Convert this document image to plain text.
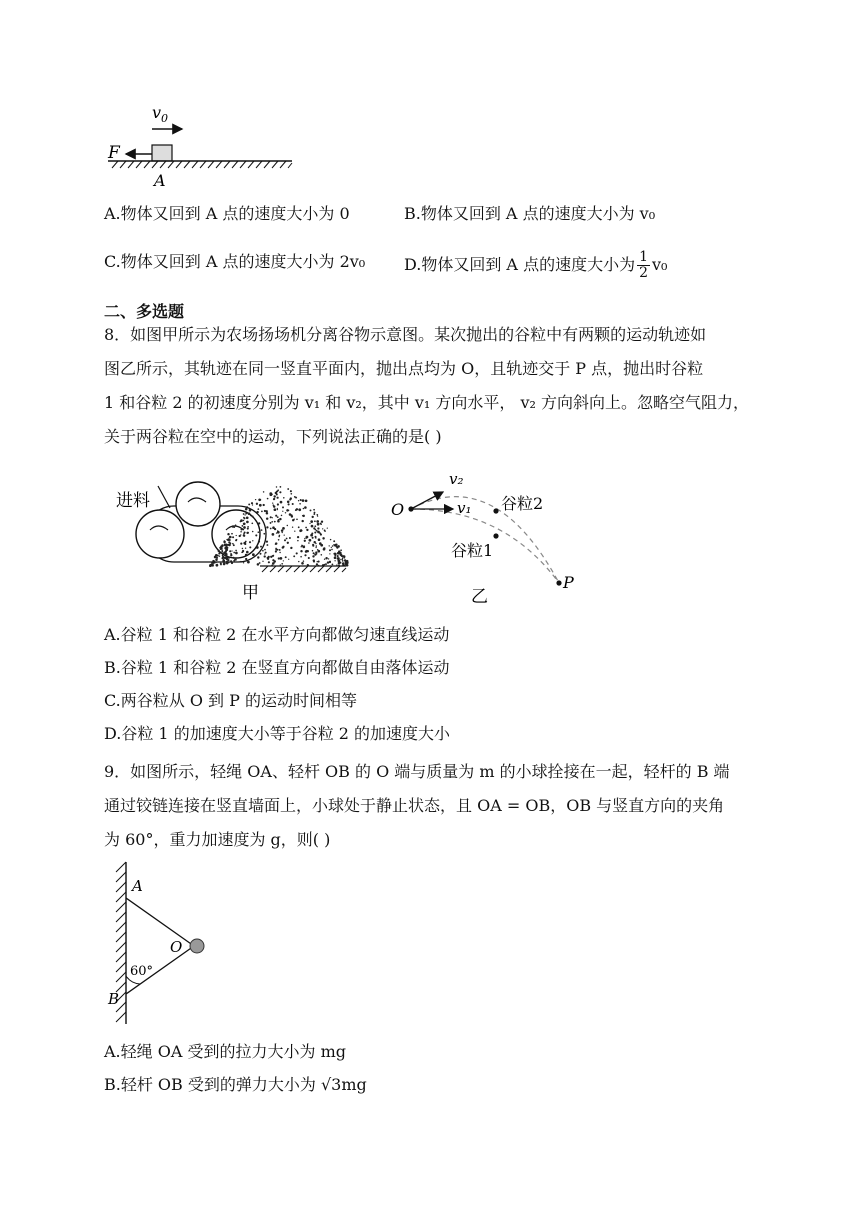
$v_0$
F
A
A.物体又回到 A 点的速度大小为 0	B.物体又回到 A 点的速度大小为 v₀
C.物体又回到 A 点的速度大小为 2v₀ D.物体又回到 A 点的速度大小为 $\frac{1}{2} v_0$
二、多选题
8．如图甲所示为农场扬场机分离谷物示意图。某次抛出的谷粒中有两颗的运动轨迹如
图乙所示，其轨迹在同一竖直平面内，抛出点均为 O，且轨迹交于 P 点，抛出时谷粒
1 和谷粒 2 的初速度分别为 v₁ 和 v₂，其中 v₁ 方向水平， v₂ 方向斜向上。忽略空气阻力，
关于两谷粒在空中的运动，下列说法正确的是( )
进料
甲
O
v₂
v₁ 谷粒2
谷粒1
P
乙
A.谷粒 1 和谷粒 2 在水平方向都做匀速直线运动
B.谷粒 1 和谷粒 2 在竖直方向都做自由落体运动
C.两谷粒从 O 到 P 的运动时间相等
D.谷粒 1 的加速度大小等于谷粒 2 的加速度大小
9．如图所示，轻绳 OA、轻杆 OB 的 O 端与质量为 m 的小球拴接在一起，轻杆的 B 端
通过铰链连接在竖直墙面上，小球处于静止状态，且 OA = OB，OB 与竖直方向的夹角
为 60°，重力加速度为 g，则( )
A
O
B
60°
A.轻绳 OA 受到的拉力大小为 mg
B.轻杆 OB 受到的弹力大小为 √3mg
